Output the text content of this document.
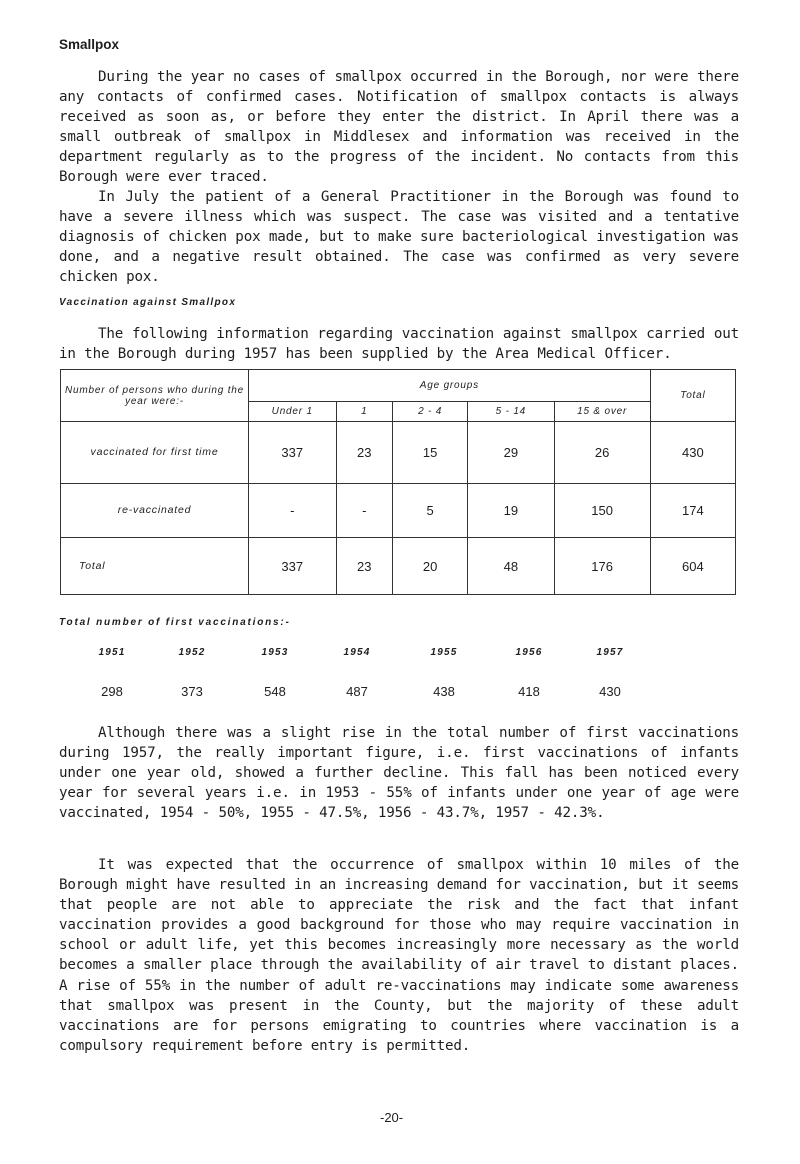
Smallpox

During the year no cases of smallpox occurred in the Borough, nor were there any contacts of confirmed cases. Notification of smallpox contacts is always received as soon as, or before they enter the district. In April there was a small outbreak of smallpox in Middlesex and information was received in the department regularly as to the progress of the incident. No contacts from this Borough were ever traced.

In July the patient of a General Practitioner in the Borough was found to have a severe illness which was suspect. The case was visited and a tentative diagnosis of chicken pox made, but to make sure bacteriological investigation was done, and a negative result obtained. The case was confirmed as very severe chicken pox.

Vaccination against Smallpox

The following information regarding vaccination against smallpox carried out in the Borough during 1957 has been supplied by the Area Medical Officer.

Number of persons who during the year were:-	Age groups					Total
	Under 1	1	2 - 4	5 - 14	15 & over	
vaccinated for first time	337	23	15	29	26	430
re-vaccinated	-	-	5	19	150	174
Total	337	23	20	48	176	604
Total number of first vaccinations:-
1951	1952	1953	1954	1955	1956	1957
298	373	548	487	438	418	430

Although there was a slight rise in the total number of first vaccinations during 1957, the really important figure, i.e. first vaccinations of infants under one year old, showed a further decline. This fall has been noticed every year for several years i.e. in 1953 - 55% of infants under one year of age were vaccinated, 1954 - 50%, 1955 - 47.5%, 1956 - 43.7%, 1957 - 42.3%.

It was expected that the occurrence of smallpox within 10 miles of the Borough might have resulted in an increasing demand for vaccination, but it seems that people are not able to appreciate the risk and the fact that infant vaccination provides a good background for those who may require vaccination in school or adult life, yet this becomes increasingly more necessary as the world becomes a smaller place through the availability of air travel to distant places. A rise of 55% in the number of adult re-vaccinations may indicate some awareness that smallpox was present in the County, but the majority of these adult vaccinations are for persons emigrating to countries where vaccination is a compulsory requirement before entry is permitted.

-20-
